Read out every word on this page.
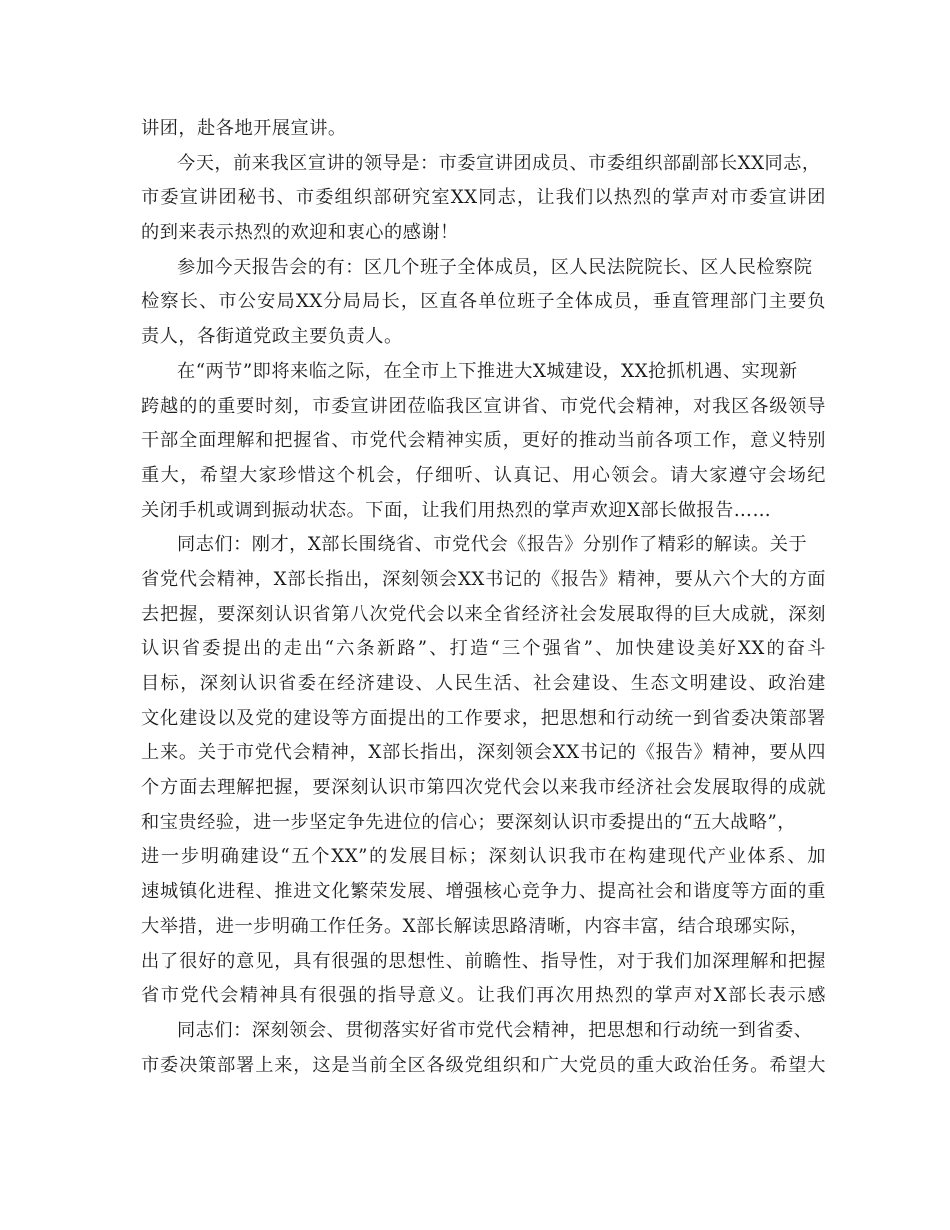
讲团，赴各地开展宣讲。
今天，前来我区宣讲的领导是：市委宣讲团成员、市委组织部副部长XX同志，
市委宣讲团秘书、市委组织部研究室XX同志，让我们以热烈的掌声对市委宣讲团
的到来表示热烈的欢迎和衷心的感谢！
参加今天报告会的有：区几个班子全体成员，区人民法院院长、区人民检察院
检察长、市公安局XX分局局长，区直各单位班子全体成员，垂直管理部门主要负
责人，各街道党政主要负责人。
在“两节”即将来临之际，在全市上下推进大X城建设，XX抢抓机遇、实现新
跨越的的重要时刻，市委宣讲团莅临我区宣讲省、市党代会精神，对我区各级领导
干部全面理解和把握省、市党代会精神实质，更好的推动当前各项工作，意义特别
重大，希望大家珍惜这个机会，仔细听、认真记、用心领会。请大家遵守会场纪
关闭手机或调到振动状态。下面，让我们用热烈的掌声欢迎X部长做报告……
同志们：刚才，X部长围绕省、市党代会《报告》分别作了精彩的解读。关于
省党代会精神，X部长指出，深刻领会XX书记的《报告》精神，要从六个大的方面
去把握，要深刻认识省第八次党代会以来全省经济社会发展取得的巨大成就，深刻
认识省委提出的走出“六条新路”、打造“三个强省”、加快建设美好XX的奋斗
目标，深刻认识省委在经济建设、人民生活、社会建设、生态文明建设、政治建
文化建设以及党的建设等方面提出的工作要求，把思想和行动统一到省委决策部署
上来。关于市党代会精神，X部长指出，深刻领会XX书记的《报告》精神，要从四
个方面去理解把握，要深刻认识市第四次党代会以来我市经济社会发展取得的成就
和宝贵经验，进一步坚定争先进位的信心；要深刻认识市委提出的“五大战略”，
进一步明确建设“五个XX”的发展目标；深刻认识我市在构建现代产业体系、加
速城镇化进程、推进文化繁荣发展、增强核心竞争力、提高社会和谐度等方面的重
大举措，进一步明确工作任务。X部长解读思路清晰，内容丰富，结合琅琊实际，
出了很好的意见，具有很强的思想性、前瞻性、指导性，对于我们加深理解和把握
省市党代会精神具有很强的指导意义。让我们再次用热烈的掌声对X部长表示感
同志们：深刻领会、贯彻落实好省市党代会精神，把思想和行动统一到省委、
市委决策部署上来，这是当前全区各级党组织和广大党员的重大政治任务。希望大
